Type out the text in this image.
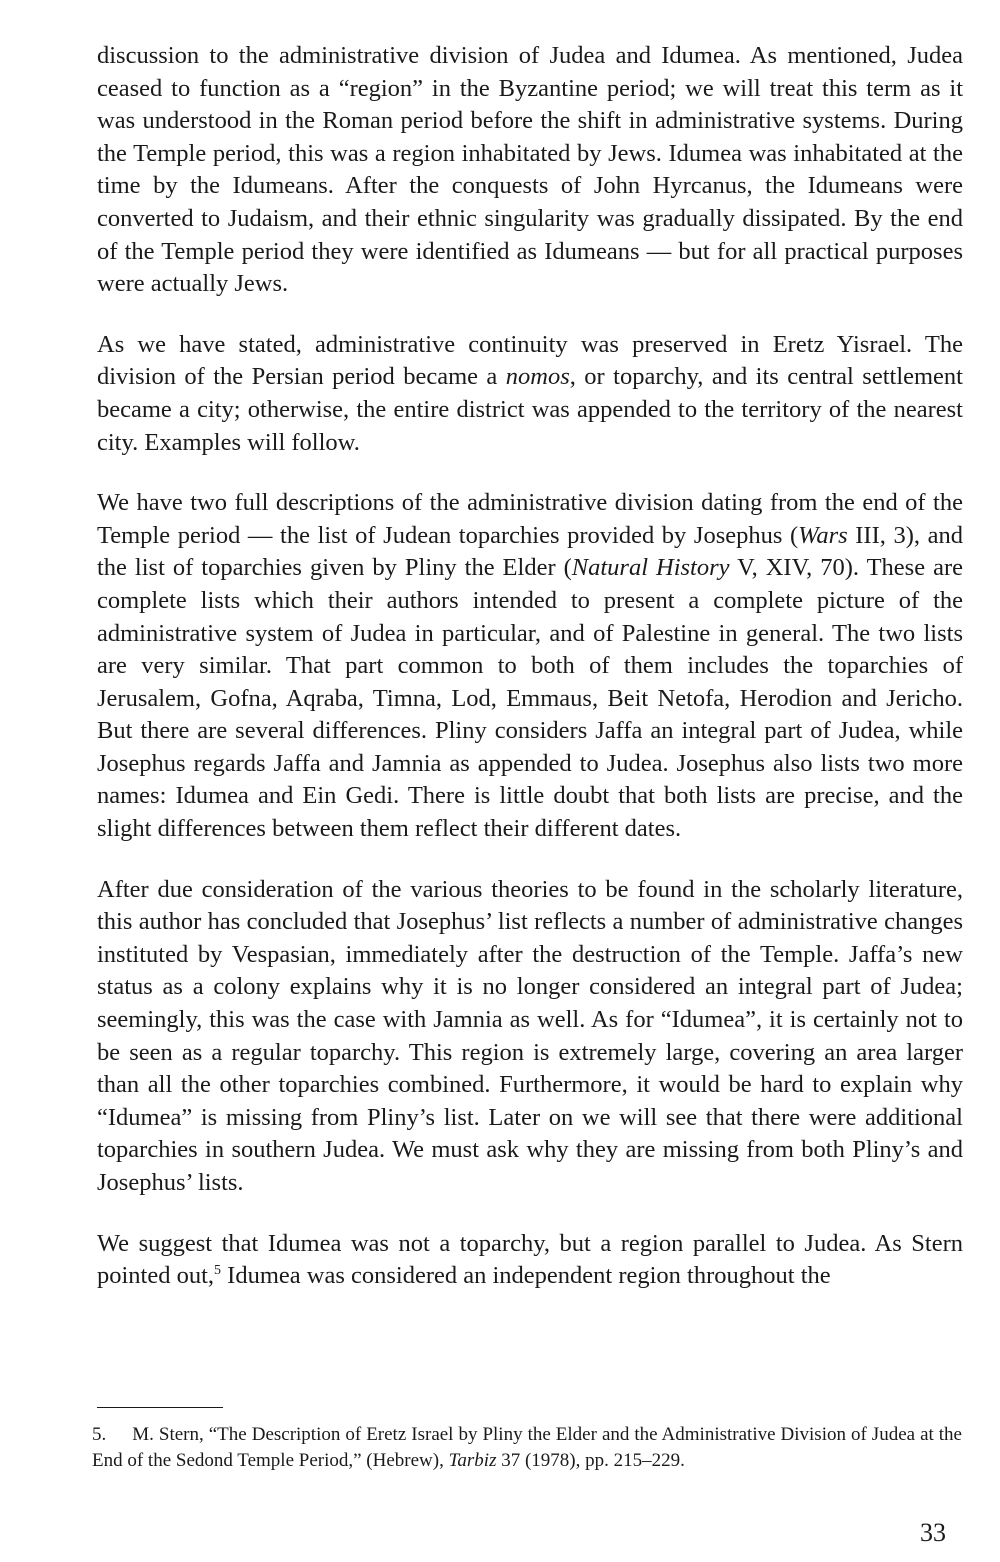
discussion to the administrative division of Judea and Idumea. As mentioned, Judea ceased to function as a “region” in the Byzantine period; we will treat this term as it was understood in the Roman period before the shift in administrative systems. During the Temple period, this was a region inhabitated by Jews. Idumea was inhabitated at the time by the Idumeans. After the conquests of John Hyrcanus, the Idumeans were converted to Judaism, and their ethnic singularity was gradually dissipated. By the end of the Temple period they were identified as Idumeans — but for all practical purposes were actually Jews.

As we have stated, administrative continuity was preserved in Eretz Yisrael. The division of the Persian period became a nomos, or toparchy, and its central settlement became a city; otherwise, the entire district was appended to the territory of the nearest city. Examples will follow.

We have two full descriptions of the administrative division dating from the end of the Temple period — the list of Judean toparchies provided by Josephus (Wars III, 3), and the list of toparchies given by Pliny the Elder (Natural History V, XIV, 70). These are complete lists which their authors intended to present a complete picture of the administrative system of Judea in particular, and of Palestine in general. The two lists are very similar. That part common to both of them includes the toparchies of Jerusalem, Gofna, Aqraba, Timna, Lod, Emmaus, Beit Netofa, Herodion and Jericho. But there are several differences. Pliny considers Jaffa an integral part of Judea, while Josephus regards Jaffa and Jamnia as appended to Judea. Josephus also lists two more names: Idumea and Ein Gedi. There is little doubt that both lists are precise, and the slight differences between them reflect their different dates.

After due consideration of the various theories to be found in the scholarly literature, this author has concluded that Josephus’ list reflects a number of administrative changes instituted by Vespasian, immediately after the destruction of the Temple. Jaffa’s new status as a colony explains why it is no longer considered an integral part of Judea; seemingly, this was the case with Jamnia as well. As for “Idumea”, it is certainly not to be seen as a regular toparchy. This region is extremely large, covering an area larger than all the other toparchies combined. Furthermore, it would be hard to explain why “Idumea” is missing from Pliny’s list. Later on we will see that there were additional toparchies in southern Judea. We must ask why they are missing from both Pliny’s and Josephus’ lists.

We suggest that Idumea was not a toparchy, but a region parallel to Judea. As Stern pointed out,$^5$ Idumea was considered an independent region throughout the

5. M. Stern, “The Description of Eretz Israel by Pliny the Elder and the Administrative Division of Judea at the End of the Sedond Temple Period,” (Hebrew), Tarbiz 37 (1978), pp. 215–229.

33
